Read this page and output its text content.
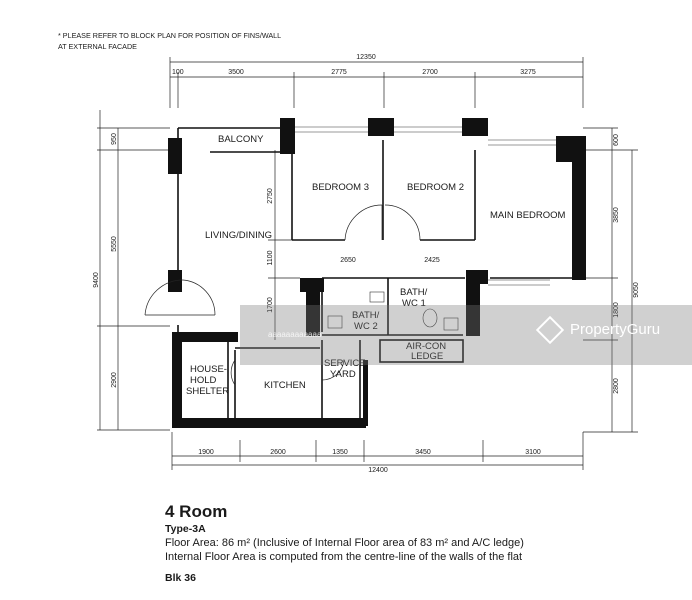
* PLEASE REFER TO BLOCK PLAN FOR POSITION OF FINS/WALL
AT EXTERNAL FACADE
12350
100	3500	2775	2700	3275
1900	2600	1350	3450	3100
12400
9400
950
5550
2900
2750
1100
1700
600
3850
1800
2800
9050
BALCONY
BEDROOM 3	BEDROOM 2
MAIN BEDROOM
LIVING/DINING
2650	2425
BATH/
WC 1
BATH/
WC 2
AIR-CON
LEDGE
SERVICE
YARD
HOUSE-
HOLD
SHELTER
KITCHEN
aaaaaaaaaaaa	PropertyGuru
4 Room
Type-3A
Floor Area: 86 m² (Inclusive of Internal Floor area of 83 m² and A/C ledge)
Internal Floor Area is computed from the centre-line of the walls of the flat
Blk 36
